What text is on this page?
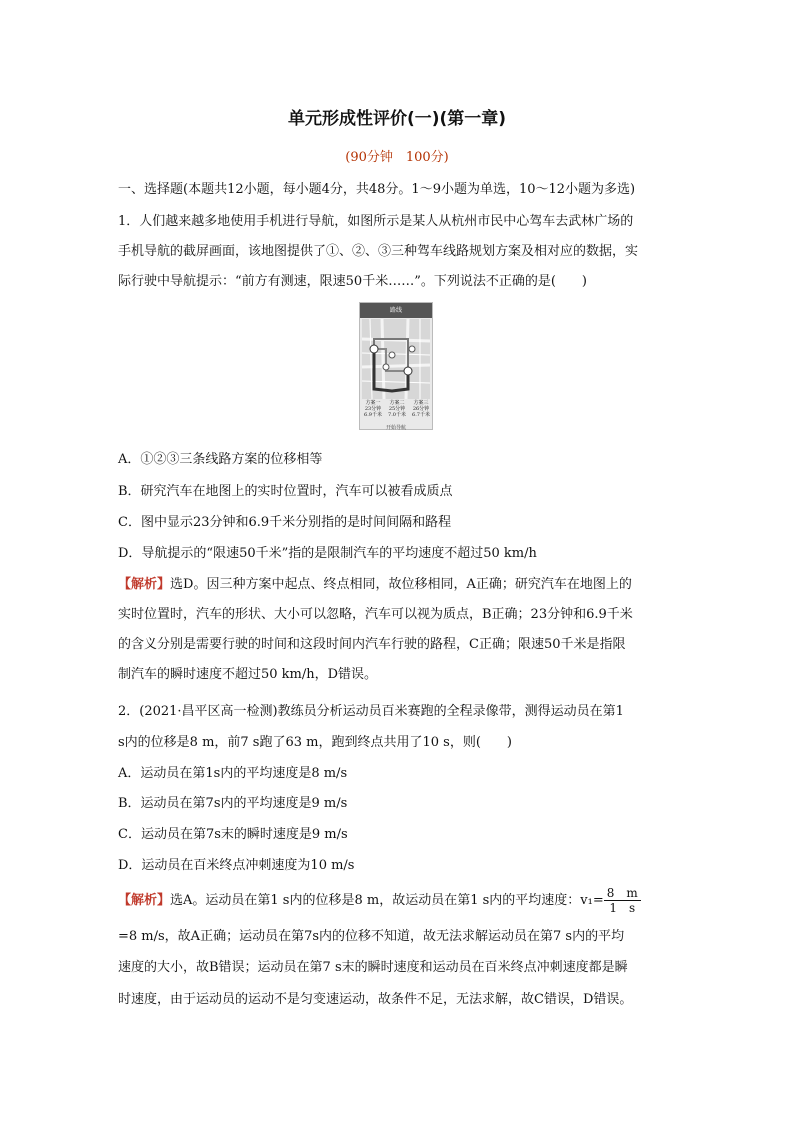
单元形成性评价(一)(第一章)
(90分钟　100分)
一、选择题(本题共12小题，每小题4分，共48分。1～9小题为单选，10～12小题为多选)
1．人们越来越多地使用手机进行导航，如图所示是某人从杭州市民中心驾车去武林广场的
手机导航的截屏画面，该地图提供了①、②、③三种驾车线路规划方案及相对应的数据，实
际行驶中导航提示：“前方有测速，限速50千米……”。下列说法不正确的是(　　)
路线
方案一
23分钟
6.9千米
方案二
25分钟
7.0千米
方案三
26分钟
6.7千米
开始导航
A．①②③三条线路方案的位移相等
B．研究汽车在地图上的实时位置时，汽车可以被看成质点
C．图中显示23分钟和6.9千米分别指的是时间间隔和路程
D．导航提示的“限速50千米”指的是限制汽车的平均速度不超过50 km/h
【解析】选D。因三种方案中起点、终点相同，故位移相同，A正确；研究汽车在地图上的
实时位置时，汽车的形状、大小可以忽略，汽车可以视为质点，B正确；23分钟和6.9千米
的含义分别是需要行驶的时间和这段时间内汽车行驶的路程，C正确；限速50千米是指限
制汽车的瞬时速度不超过50 km/h，D错误。
2．(2021·昌平区高一检测)教练员分析运动员百米赛跑的全程录像带，测得运动员在第1
s内的位移是8 m，前7 s跑了63 m，跑到终点共用了10 s，则(　　)
A．运动员在第1s内的平均速度是8 m/s
B．运动员在第7s内的平均速度是9 m/s
C．运动员在第7s末的瞬时速度是9 m/s
D．运动员在百米终点冲刺速度为10 m/s
【解析】选A。运动员在第1 s内的位移是8 m，故运动员在第1 s内的平均速度：$v_1= \frac{8 m}{1 s}$
=8 m/s，故A正确；运动员在第7s内的位移不知道，故无法求解运动员在第7 s内的平均
速度的大小，故B错误；运动员在第7 s末的瞬时速度和运动员在百米终点冲刺速度都是瞬
时速度，由于运动员的运动不是匀变速运动，故条件不足，无法求解，故C错误，D错误。
